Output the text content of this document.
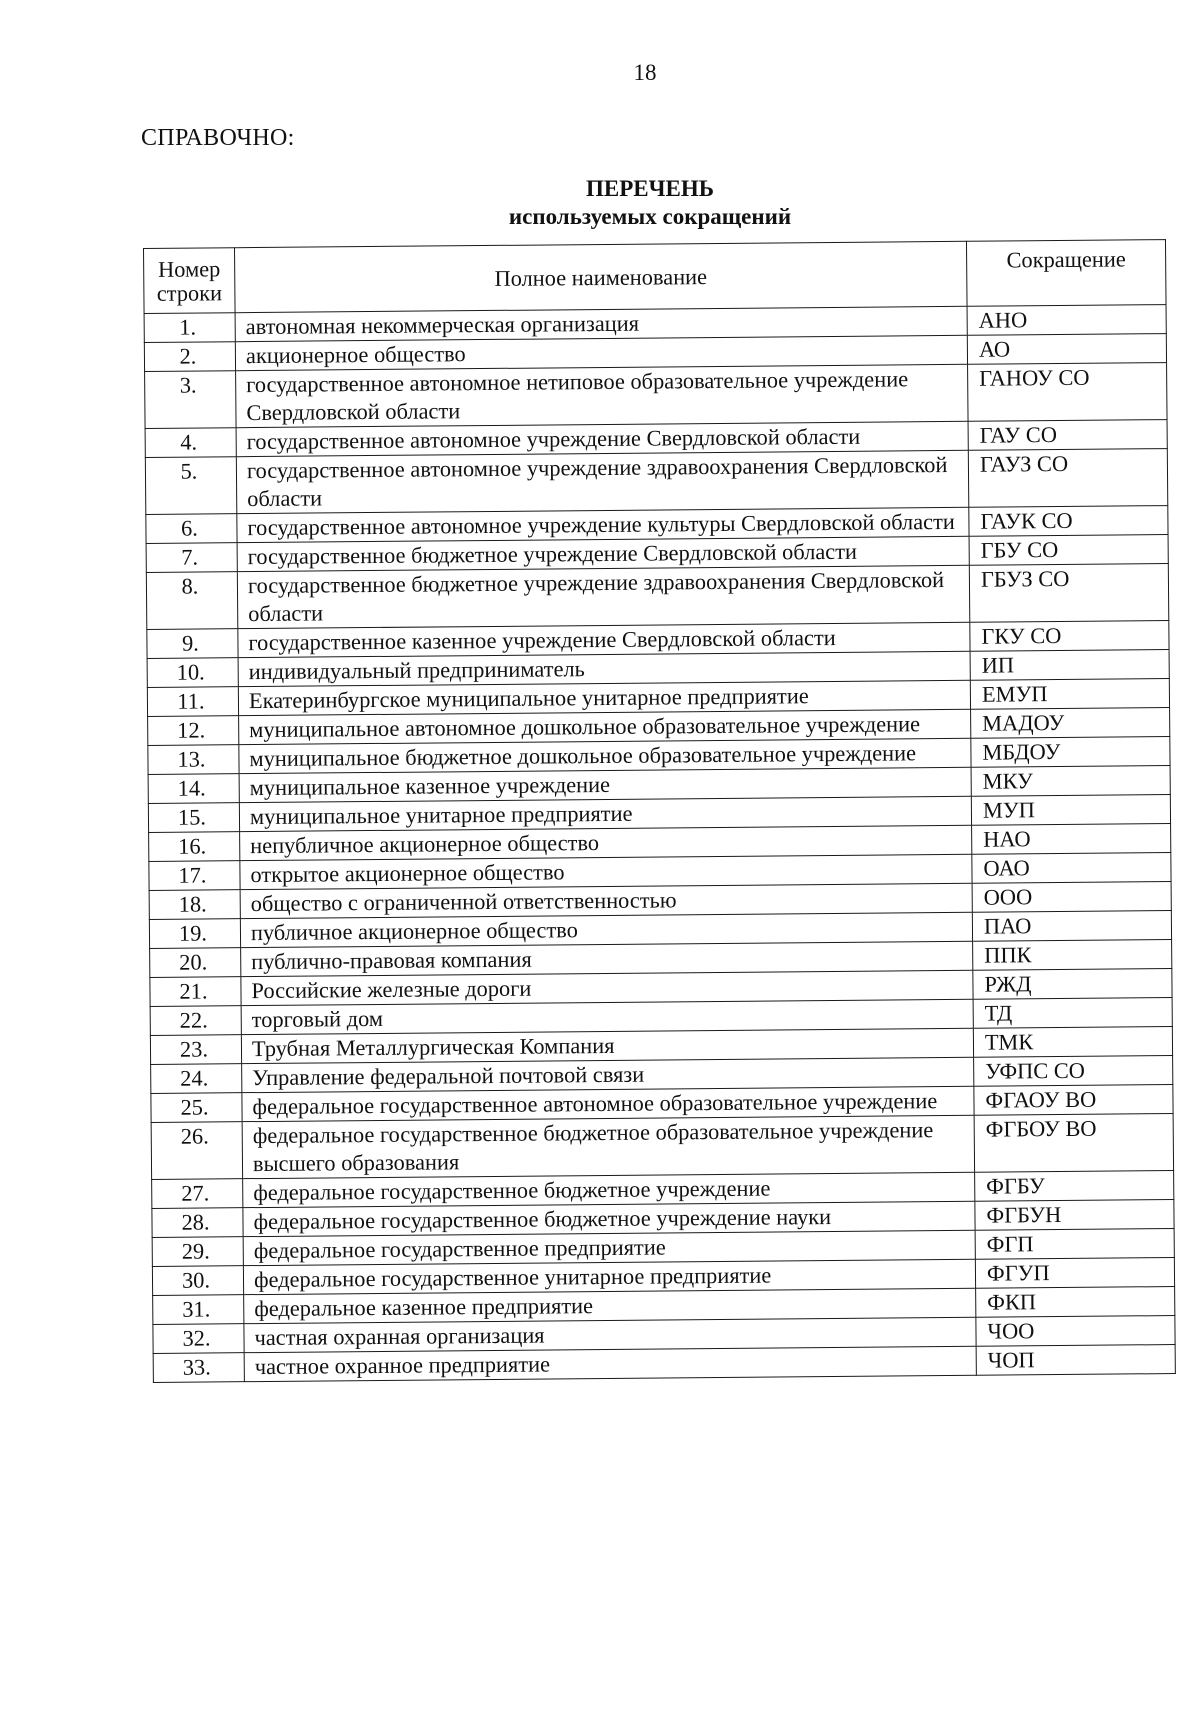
18
СПРАВОЧНО:
ПЕРЕЧЕНЬ
используемых сокращений
Номер строки	Полное наименование	Сокращение
1.	автономная некоммерческая организация	АНО
2.	акционерное общество	АО
3.	государственное автономное нетиповое образовательное учреждение Свердловской области	ГАНОУ СО
4.	государственное автономное учреждение Свердловской области	ГАУ СО
5.	государственное автономное учреждение здравоохранения Свердловской области	ГАУЗ СО
6.	государственное автономное учреждение культуры Свердловской области	ГАУК СО
7.	государственное бюджетное учреждение Свердловской области	ГБУ СО
8.	государственное бюджетное учреждение здравоохранения Свердловской области	ГБУЗ СО
9.	государственное казенное учреждение Свердловской области	ГКУ СО
10.	индивидуальный предприниматель	ИП
11.	Екатеринбургское муниципальное унитарное предприятие	ЕМУП
12.	муниципальное автономное дошкольное образовательное учреждение	МАДОУ
13.	муниципальное бюджетное дошкольное образовательное учреждение	МБДОУ
14.	муниципальное казенное учреждение	МКУ
15.	муниципальное унитарное предприятие	МУП
16.	непубличное акционерное общество	НАО
17.	открытое акционерное общество	ОАО
18.	общество с ограниченной ответственностью	ООО
19.	публичное акционерное общество	ПАО
20.	публично-правовая компания	ППК
21.	Российские железные дороги	РЖД
22.	торговый дом	ТД
23.	Трубная Металлургическая Компания	ТМК
24.	Управление федеральной почтовой связи	УФПС СО
25.	федеральное государственное автономное образовательное учреждение	ФГАОУ ВО
26.	федеральное государственное бюджетное образовательное учреждение высшего образования	ФГБОУ ВО
27.	федеральное государственное бюджетное учреждение	ФГБУ
28.	федеральное государственное бюджетное учреждение науки	ФГБУН
29.	федеральное государственное предприятие	ФГП
30.	федеральное государственное унитарное предприятие	ФГУП
31.	федеральное казенное предприятие	ФКП
32.	частная охранная организация	ЧОО
33.	частное охранное предприятие	ЧОП
